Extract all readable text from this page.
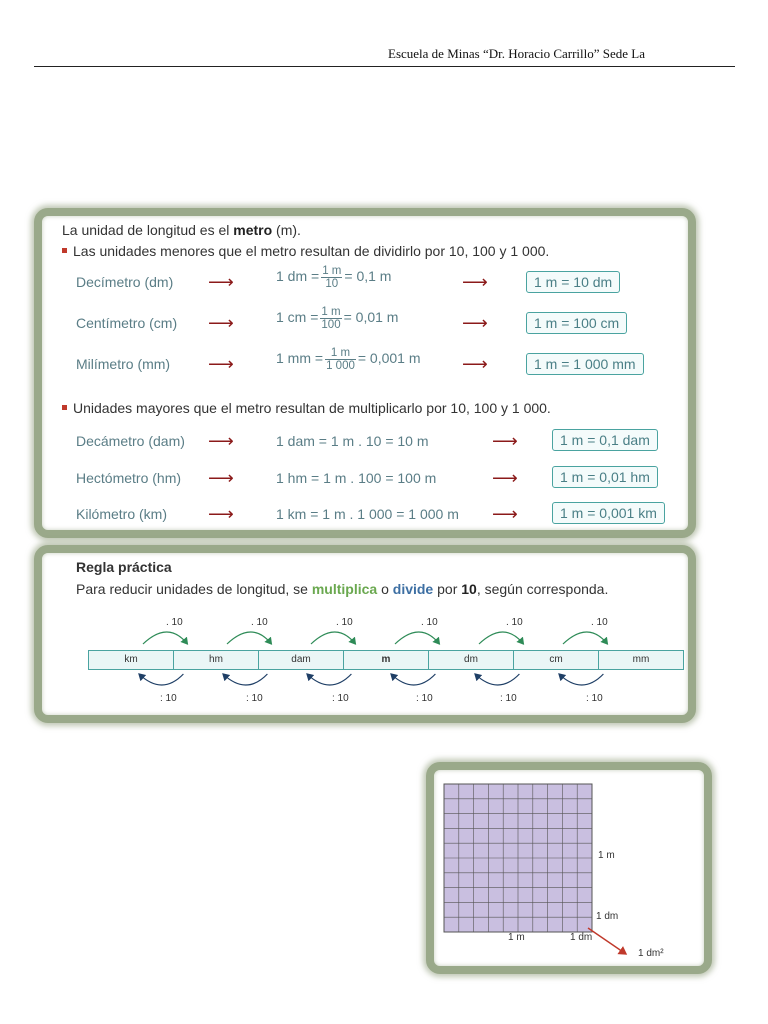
Escuela de Minas “Dr. Horacio Carrillo” Sede La
La unidad de longitud es el metro (m).
Las unidades menores que el metro resultan de dividirlo por 10, 100 y 1 000.
Decímetro (dm) ⟶	1 dm = $\frac{1 m}{10} = 0,1$ m	⟶	1 m = 10 dm
Centímetro (cm) ⟶	1 cm = $\frac{1 m}{100} = 0,01$ m	⟶	1 m = 100 cm
Milímetro (mm) ⟶	1 mm = $\frac{1 m}{1 000} = 0,001$ m ⟶	1 m = 1 000 mm
Unidades mayores que el metro resultan de multiplicarlo por 10, 100 y 1 000.
Decámetro (dam) ⟶	1 dam = 1 m . 10 = 10 m	⟶	1 m = 0,1 dam
Hectómetro (hm) ⟶	1 hm = 1 m . 100 = 100 m	⟶	1 m = 0,01 hm
Kilómetro (km) ⟶	1 km = 1 m . 1 000 = 1 000 m ⟶	1 m = 0,001 km
Regla práctica
Para reducir unidades de longitud, se multiplica o divide por 10, según corresponda.
km	hm	dam	m	dm	cm	mm
. 10	. 10	. 10	. 10	. 10	. 10
: 10	: 10	: 10	: 10	: 10	: 10
1 m
1 dm
1 m	1 dm
1 dm²
